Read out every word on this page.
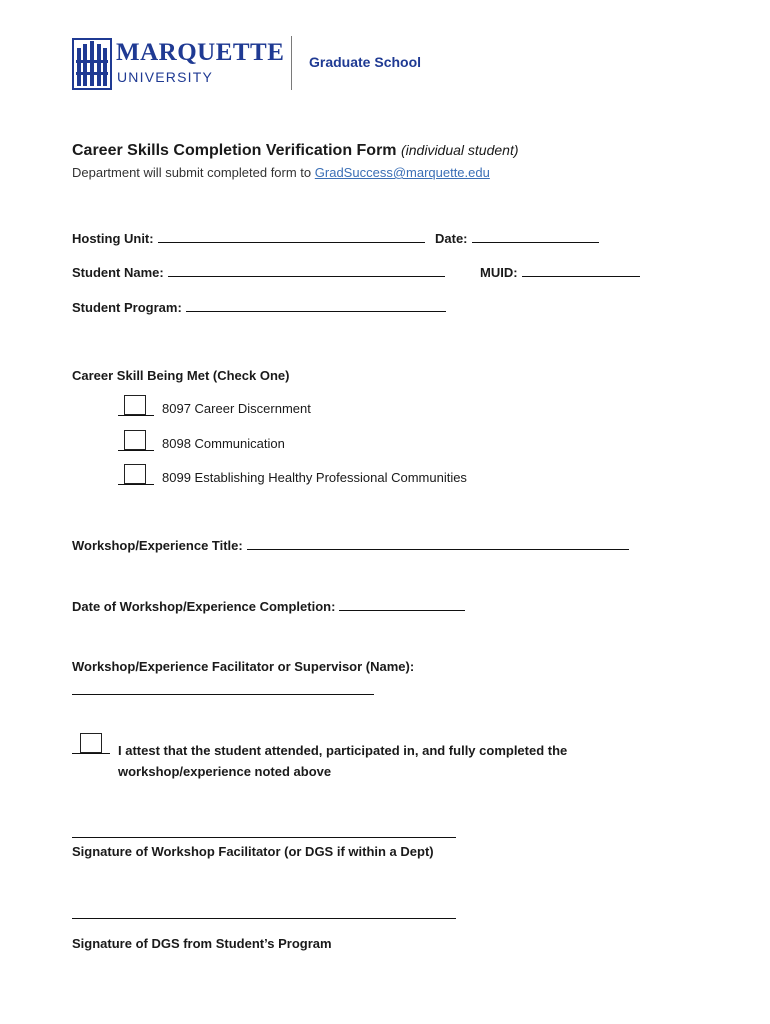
MARQUETTE
UNIVERSITY
Graduate School
Career Skills Completion Verification Form (individual student)
Department will submit completed form to GradSuccess@marquette.edu
Hosting Unit:	Date:
Student Name:	MUID:
Student Program:
Career Skill Being Met (Check One)
8097 Career Discernment
8098 Communication
8099 Establishing Healthy Professional Communities
Workshop/Experience Title:
Date of Workshop/Experience Completion:
Workshop/Experience Facilitator or Supervisor (Name):
I attest that the student attended, participated in, and fully completed the
workshop/experience noted above
Signature of Workshop Facilitator (or DGS if within a Dept)
Signature of DGS from Student’s Program
